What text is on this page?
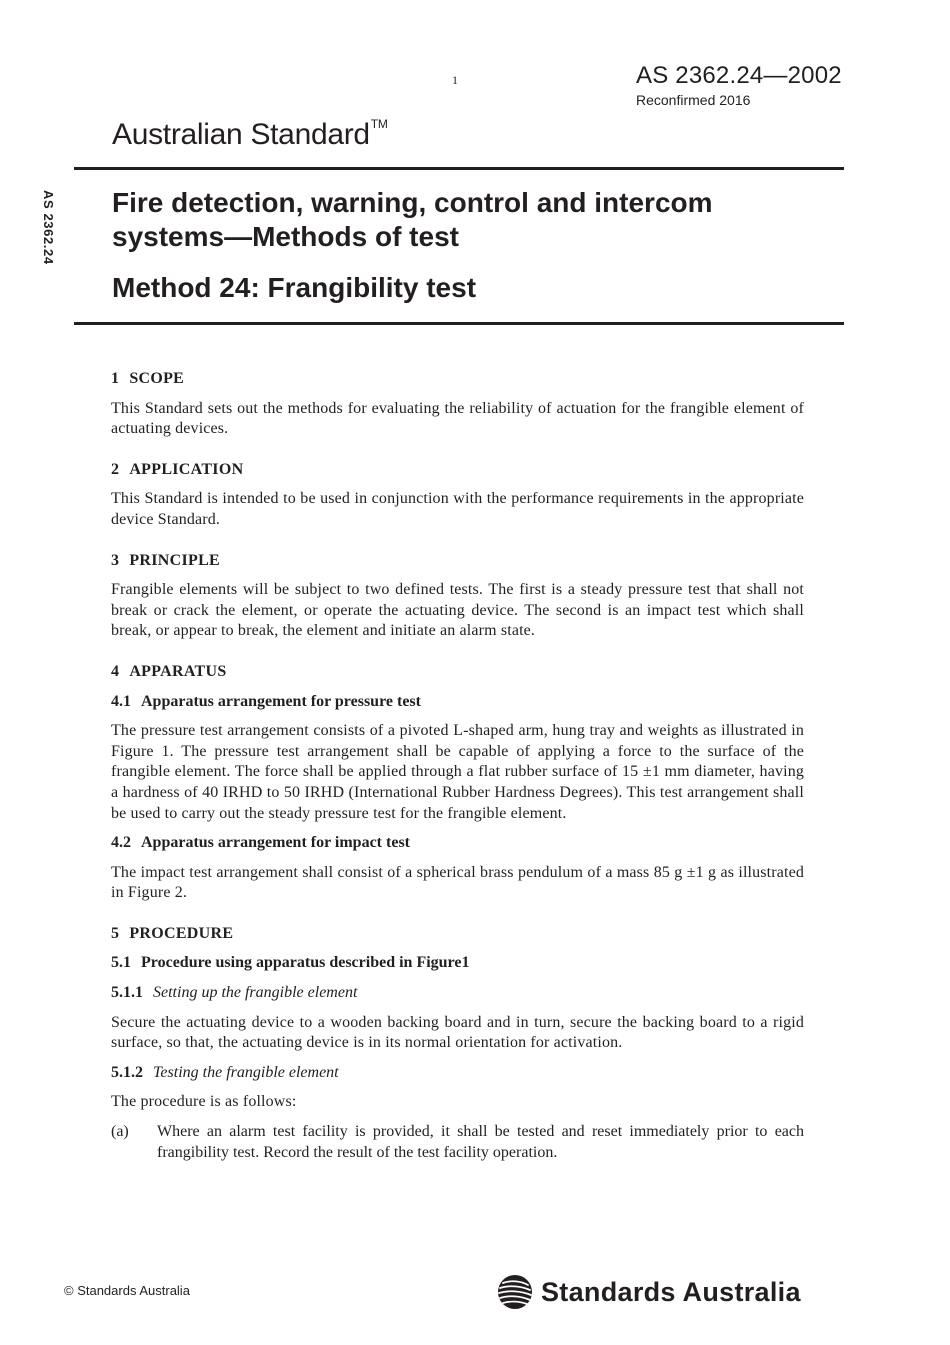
1	AS 2362.24—2002
Reconfirmed 2016
Australian Standard™
AS 2362.24 Fire detection, warning, control and intercom systems—Methods of test
Method 24: Frangibility test

1 SCOPE

This Standard sets out the methods for evaluating the reliability of actuation for the frangible element of actuating devices.

2 APPLICATION

This Standard is intended to be used in conjunction with the performance requirements in the appropriate device Standard.

3 PRINCIPLE

Frangible elements will be subject to two defined tests. The first is a steady pressure test that shall not break or crack the element, or operate the actuating device. The second is an impact test which shall break, or appear to break, the element and initiate an alarm state.

4 APPARATUS

4.1 Apparatus arrangement for pressure test

The pressure test arrangement consists of a pivoted L-shaped arm, hung tray and weights as illustrated in Figure 1. The pressure test arrangement shall be capable of applying a force to the surface of the frangible element. The force shall be applied through a flat rubber surface of 15 ±1 mm diameter, having a hardness of 40 IRHD to 50 IRHD (International Rubber Hardness Degrees). This test arrangement shall be used to carry out the steady pressure test for the frangible element.

4.2 Apparatus arrangement for impact test

The impact test arrangement shall consist of a spherical brass pendulum of a mass 85 g ±1 g as illustrated in Figure 2.

5 PROCEDURE

5.1 Procedure using apparatus described in Figure1

5.1.1 Setting up the frangible element

Secure the actuating device to a wooden backing board and in turn, secure the backing board to a rigid surface, so that, the actuating device is in its normal orientation for activation.

5.1.2 Testing the frangible element

The procedure is as follows:

(a)	Where an alarm test facility is provided, it shall be tested and reset immediately prior to each frangibility test. Record the result of the test facility operation.
© Standards Australia	Standards Australia
